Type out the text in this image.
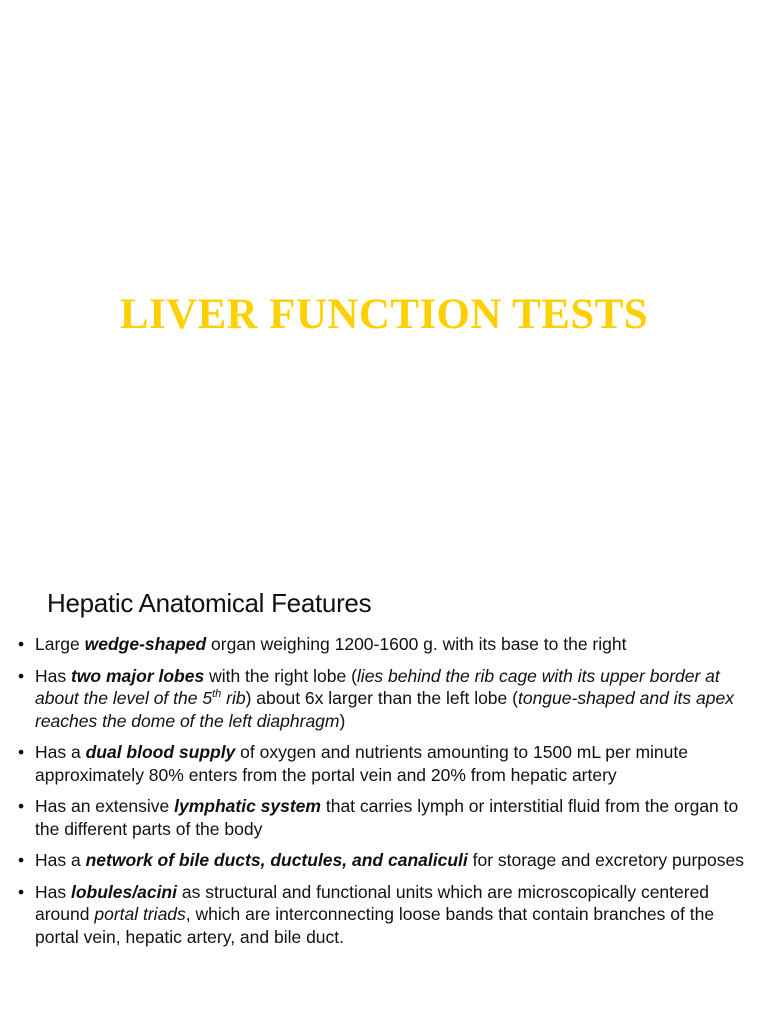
LIVER FUNCTION TESTS
Hepatic Anatomical Features
• Large wedge-shaped organ weighing 1200-1600 g. with its base to the right
• Has two major lobes with the right lobe (lies behind the rib cage with its upper border at about the level of the 5th rib) about 6x larger than the left lobe (tongue-shaped and its apex reaches the dome of the left diaphragm)
• Has a dual blood supply of oxygen and nutrients amounting to 1500 mL per minute approximately 80% enters from the portal vein and 20% from hepatic artery
• Has an extensive lymphatic system that carries lymph or interstitial fluid from the organ to the different parts of the body
• Has a network of bile ducts, ductules, and canaliculi for storage and excretory purposes
• Has lobules/acini as structural and functional units which are microscopically centered around portal triads, which are interconnecting loose bands that contain branches of the portal vein, hepatic artery, and bile duct.
